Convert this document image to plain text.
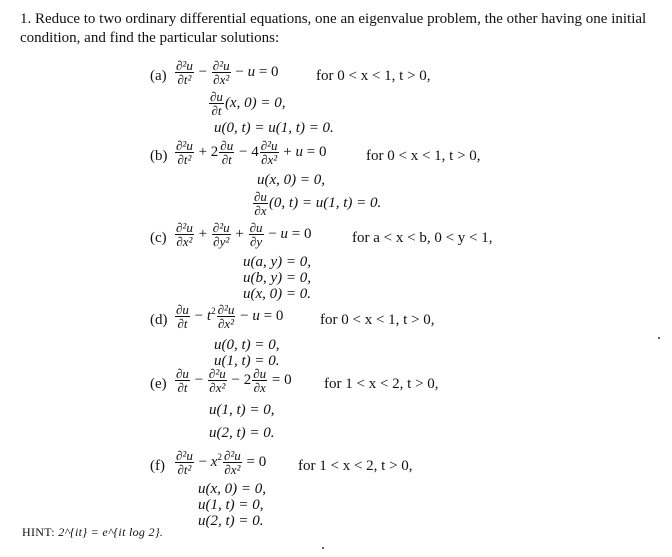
1. Reduce to two ordinary differential equations, one an eigenvalue problem, the other having one initial condition, and find the particular solutions:
$(a) \frac{\text{∂²u}}{\text{∂t²}} - \frac{\text{∂²u}}{\text{∂x²}} - u = 0$ for 0 < x < 1, t > 0,
$\frac{\partial u}{\partial t} (x$, 0) = 0,
u(0, t) = u(1, t) = 0.
$(b) \frac{\text{∂²u}}{\text{∂t²}} + 2 \frac{\partial u}{\partial t} - 4 \frac{\text{∂²u}}{\text{∂x²}} + u = 0$	for 0 < x < 1, t > 0,
u(x, 0) = 0,
$\frac{\partial u}{\partial x} (0$, t) = u(1, t) = 0.
$(c) \frac{\text{∂²u}}{\text{∂x²}} + \frac{\text{∂²u}}{\text{∂y²}} + \frac{\partial u}{\partial y} - u = 0$	for a < x < b, 0 < y < 1,
u(a, y) = 0,
u(b, y) = 0,
u(x, 0) = 0.
$(d) \frac{\partial u}{\partial t} - t^2 \frac{\text{∂²u}}{\text{∂x²}} - u = 0$ for 0 < x < 1, t > 0,
u(0, t) = 0,
u(1, t) = 0.
$(e) \frac{\partial u}{\partial t} - \frac{\text{∂²u}}{\text{∂x²}} - 2 \frac{\partial u}{\partial x} = 0$ for 1 < x < 2, t > 0,
u(1, t) = 0,
u(2, t) = 0.
$(f) \frac{\text{∂²u}}{\text{∂t²}} - x^2 \frac{\text{∂²u}}{\text{∂x²}} = 0$ for 1 < x < 2, t > 0,
u(x, 0) = 0,
u(1, t) = 0,
u(2, t) = 0.
HINT: 2^{it} = e^{it log 2}.
